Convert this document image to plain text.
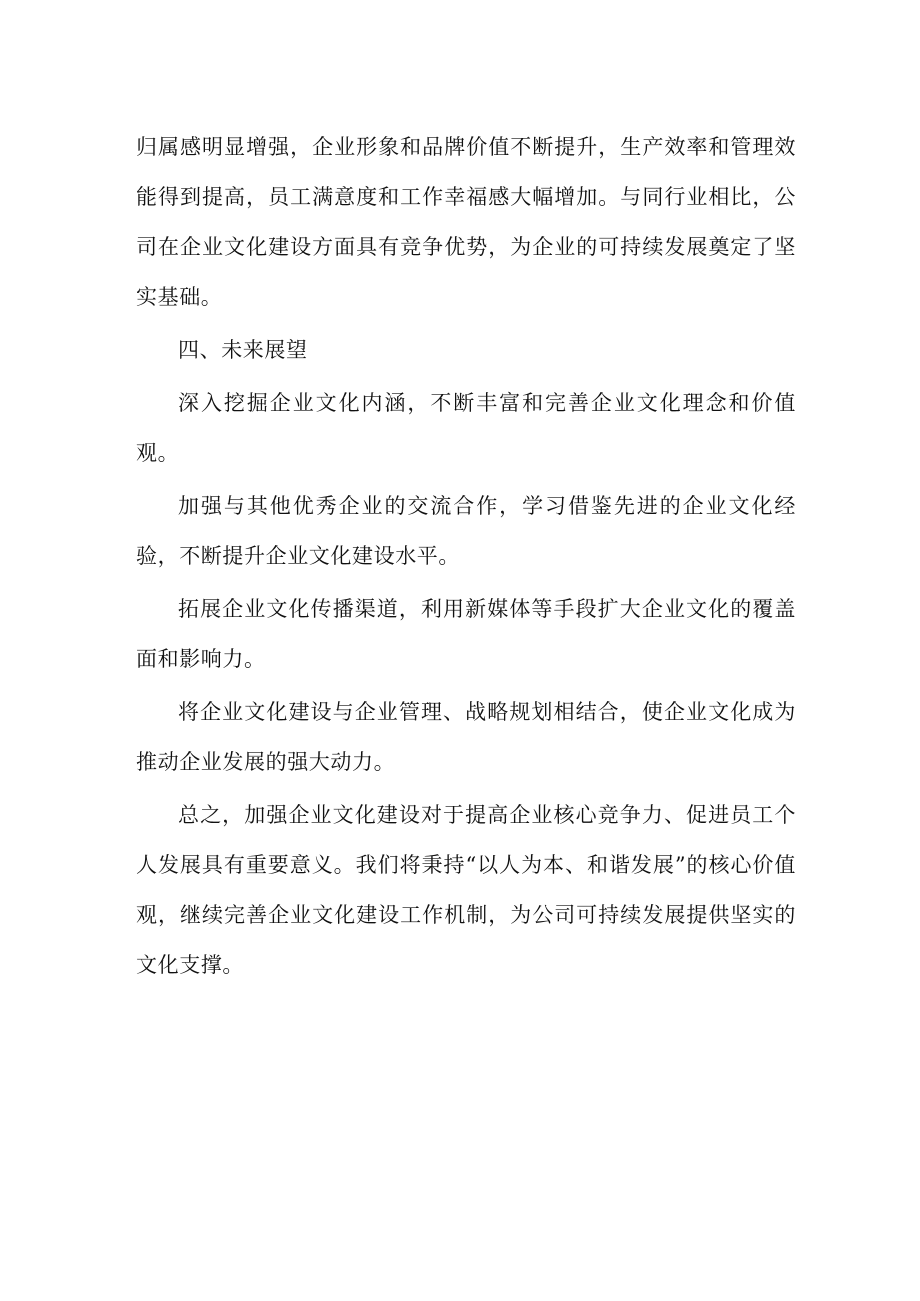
归属感明显增强，企业形象和品牌价值不断提升，生产效率和管理效能得到提高，员工满意度和工作幸福感大幅增加。与同行业相比，公司在企业文化建设方面具有竞争优势，为企业的可持续发展奠定了坚实基础。

四、未来展望

深入挖掘企业文化内涵，不断丰富和完善企业文化理念和价值观。

加强与其他优秀企业的交流合作，学习借鉴先进的企业文化经验，不断提升企业文化建设水平。

拓展企业文化传播渠道，利用新媒体等手段扩大企业文化的覆盖面和影响力。

将企业文化建设与企业管理、战略规划相结合，使企业文化成为推动企业发展的强大动力。

总之，加强企业文化建设对于提高企业核心竞争力、促进员工个人发展具有重要意义。我们将秉持“以人为本、和谐发展”的核心价值观，继续完善企业文化建设工作机制，为公司可持续发展提供坚实的文化支撑。
